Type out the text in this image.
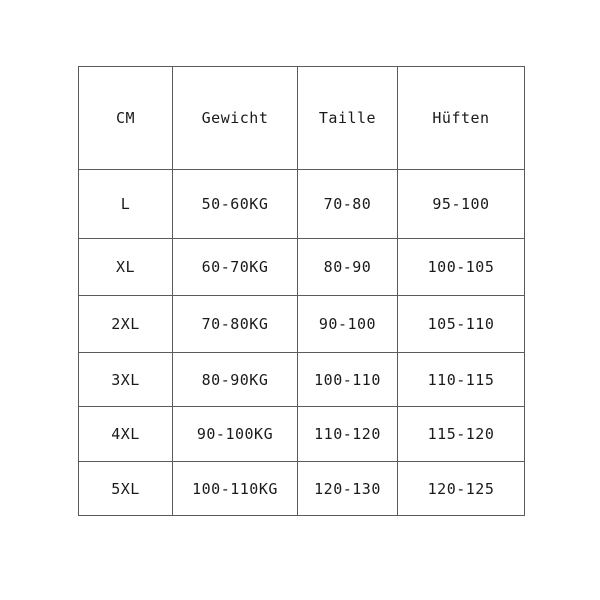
CM	Gewicht	Taille	Hüften
L	50-60KG	70-80	95-100
XL	60-70KG	80-90	100-105
2XL	70-80KG	90-100	105-110
3XL	80-90KG	100-110	110-115
4XL	90-100KG	110-120	115-120
5XL	100-110KG	120-130	120-125
